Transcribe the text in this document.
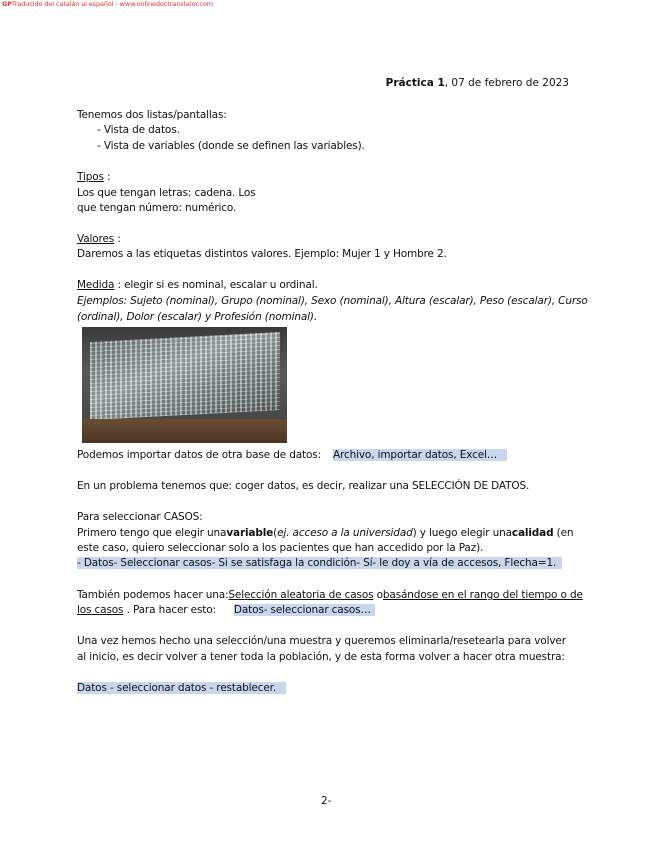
GPTraducido del catalán al español - www.onlinedoctranslator.com
Práctica 1, 07 de febrero de 2023
Tenemos dos listas/pantallas:
- Vista de datos.
- Vista de variables (donde se definen las variables).
Tipos :
Los que tengan letras: cadena. Los
que tengan número: numérico.
Valores :
Daremos a las etiquetas distintos valores. Ejemplo: Mujer 1 y Hombre 2.
Medida : elegir si es nominal, escalar u ordinal.
Ejemplos: Sujeto (nominal), Grupo (nominal), Sexo (nominal), Altura (escalar), Peso (escalar), Curso
(ordinal), Dolor (escalar) y Profesión (nominal).
Podemos importar datos de otra base de datos: Archivo, importar datos, Excel…
En un problema tenemos que: coger datos, es decir, realizar una SELECCIÓN DE DATOS.
Para seleccionar CASOS:
Primero tengo que elegir unavariable(ej. acceso a la universidad) y luego elegir unacalidad (en
este caso, quiero seleccionar solo a los pacientes que han accedido por la Paz).
- Datos- Seleccionar casos- Si se satisfaga la condición- Sí- le doy a vía de accesos, Flecha=1.
También podemos hacer una:Selección aleatoria de casos obasándose en el rango del tiempo o de
los casos . Para hacer esto: Datos- seleccionar casos…
Una vez hemos hecho una selección/una muestra y queremos eliminarla/resetearla para volver
al inicio, es decir volver a tener toda la población, y de esta forma volver a hacer otra muestra:
Datos - seleccionar datos - restablecer.
2-
